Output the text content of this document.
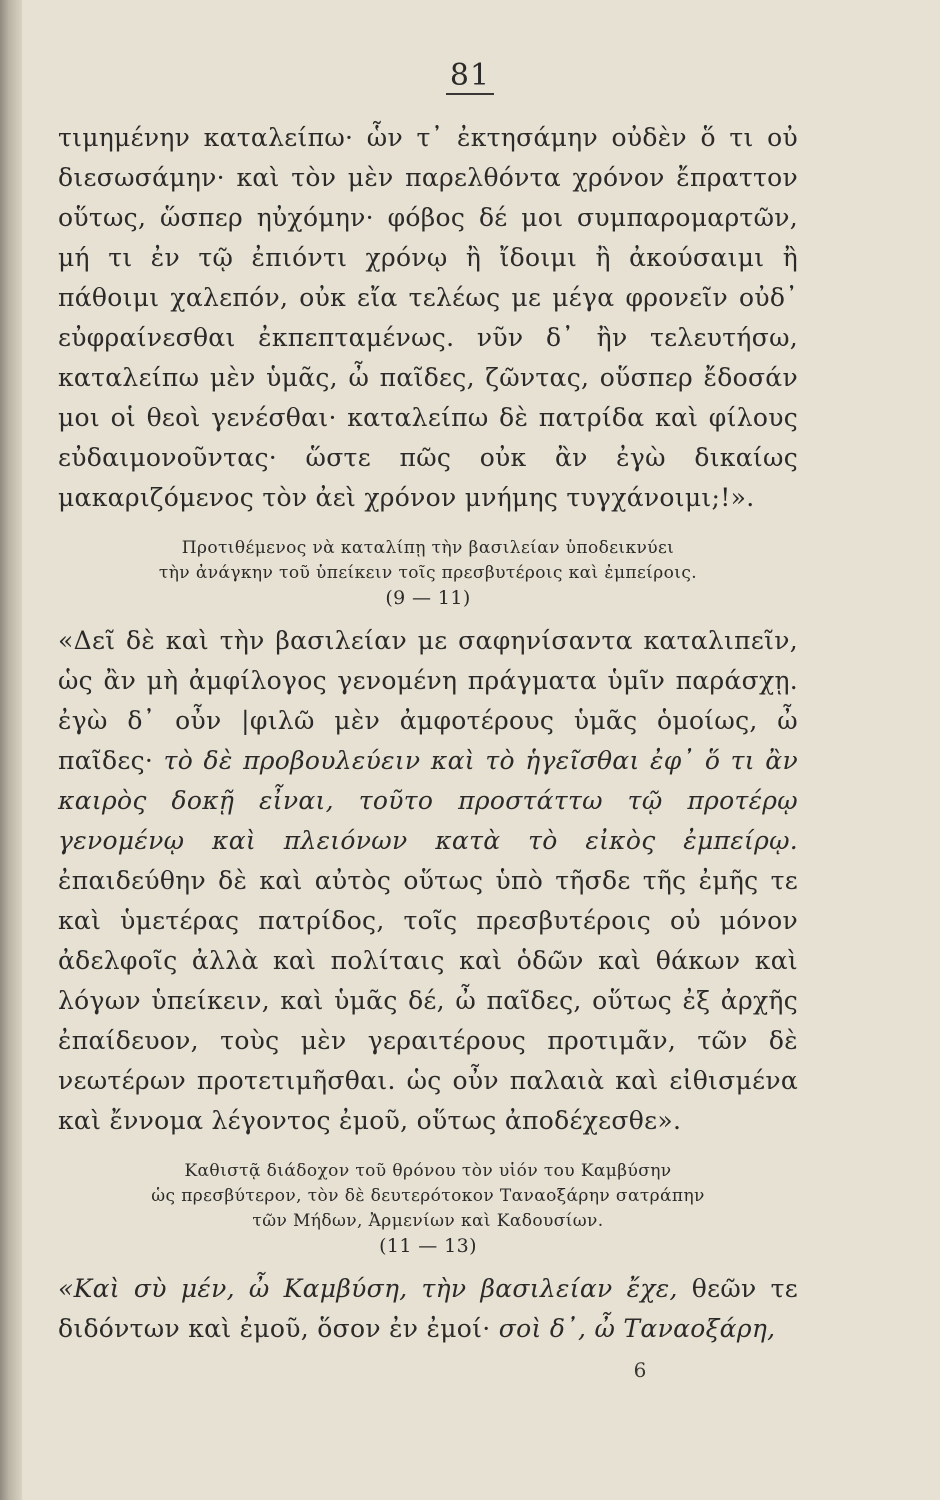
81

τιμημένην καταλείπω· ὧν τ᾽ ἐκτησάμην οὐδὲν ὅ τι οὐ διεσωσάμην· καὶ τὸν μὲν παρελθόντα χρόνον ἔπραττον οὕτως, ὥσπερ ηὐχόμην· φόβος δέ μοι συμπαρομαρτῶν, μή τι ἐν τῷ ἐπιόντι χρόνῳ ἢ ἴδοιμι ἢ ἀκούσαιμι ἢ πάθοιμι χαλεπόν, οὐκ εἴα τελέως με μέγα φρονεῖν οὐδ᾽ εὐφραίνεσθαι ἐκπεπταμένως. νῦν δ᾽ ἢν τελευτήσω, καταλείπω μὲν ὑμᾶς, ὦ παῖδες, ζῶντας, οὕσπερ ἔδοσάν μοι οἱ θεοὶ γενέσθαι· καταλείπω δὲ πατρίδα καὶ φίλους εὐδαιμονοῦντας· ὥστε πῶς οὐκ ἂν ἐγὼ δικαίως μακαριζόμενος τὸν ἀεὶ χρόνον μνήμης τυγχάνοιμι;!».

Προτιθέμενος νὰ καταλίπῃ τὴν βασιλείαν ὑποδεικνύει
τὴν ἀνάγκην τοῦ ὑπείκειν τοῖς πρεσβυτέροις καὶ ἐμπείροις.
(9 — 11)

«Δεῖ δὲ καὶ τὴν βασιλείαν με σαφηνίσαντα καταλιπεῖν, ὡς ἂν μὴ ἀμφίλογος γενομένη πράγματα ὑμῖν παράσχῃ. ἐγὼ δ᾽ οὖν |φιλῶ μὲν ἀμφοτέρους ὑμᾶς ὁμοίως, ὦ παῖδες· τὸ δὲ προβουλεύειν καὶ τὸ ἡγεῖσθαι ἐφ᾽ ὅ τι ἂν καιρὸς δοκῇ εἶναι, τοῦτο προστάττω τῷ προτέρῳ γενομένῳ καὶ πλειόνων κατὰ τὸ εἰκὸς ἐμπείρῳ. ἐπαιδεύθην δὲ καὶ αὐτὸς οὕτως ὑπὸ τῆσδε τῆς ἐμῆς τε καὶ ὑμετέρας πατρίδος, τοῖς πρεσβυτέροις οὐ μόνον ἀδελφοῖς ἀλλὰ καὶ πολίταις καὶ ὁδῶν καὶ θάκων καὶ λόγων ὑπείκειν, καὶ ὑμᾶς δέ, ὦ παῖδες, οὕτως ἐξ ἀρχῆς ἐπαίδευον, τοὺς μὲν γεραιτέρους προτιμᾶν, τῶν δὲ νεωτέρων προτετιμῆσθαι. ὡς οὖν παλαιὰ καὶ εἰθισμένα καὶ ἔννομα λέγοντος ἐμοῦ, οὕτως ἀποδέχεσθε».

Καθιστᾷ διάδοχον τοῦ θρόνου τὸν υἱόν του Καμβύσην
ὡς πρεσβύτερον, τὸν δὲ δευτερότοκον Ταναοξάρην σατράπην
τῶν Μήδων, Ἀρμενίων καὶ Καδουσίων.
(11 — 13)

«Καὶ σὺ μέν, ὦ Καμβύση, τὴν βασιλείαν ἔχε, θεῶν τε διδόντων καὶ ἐμοῦ, ὅσον ἐν ἐμοί· σοὶ δ᾽, ὦ Ταναοξάρη,

6
